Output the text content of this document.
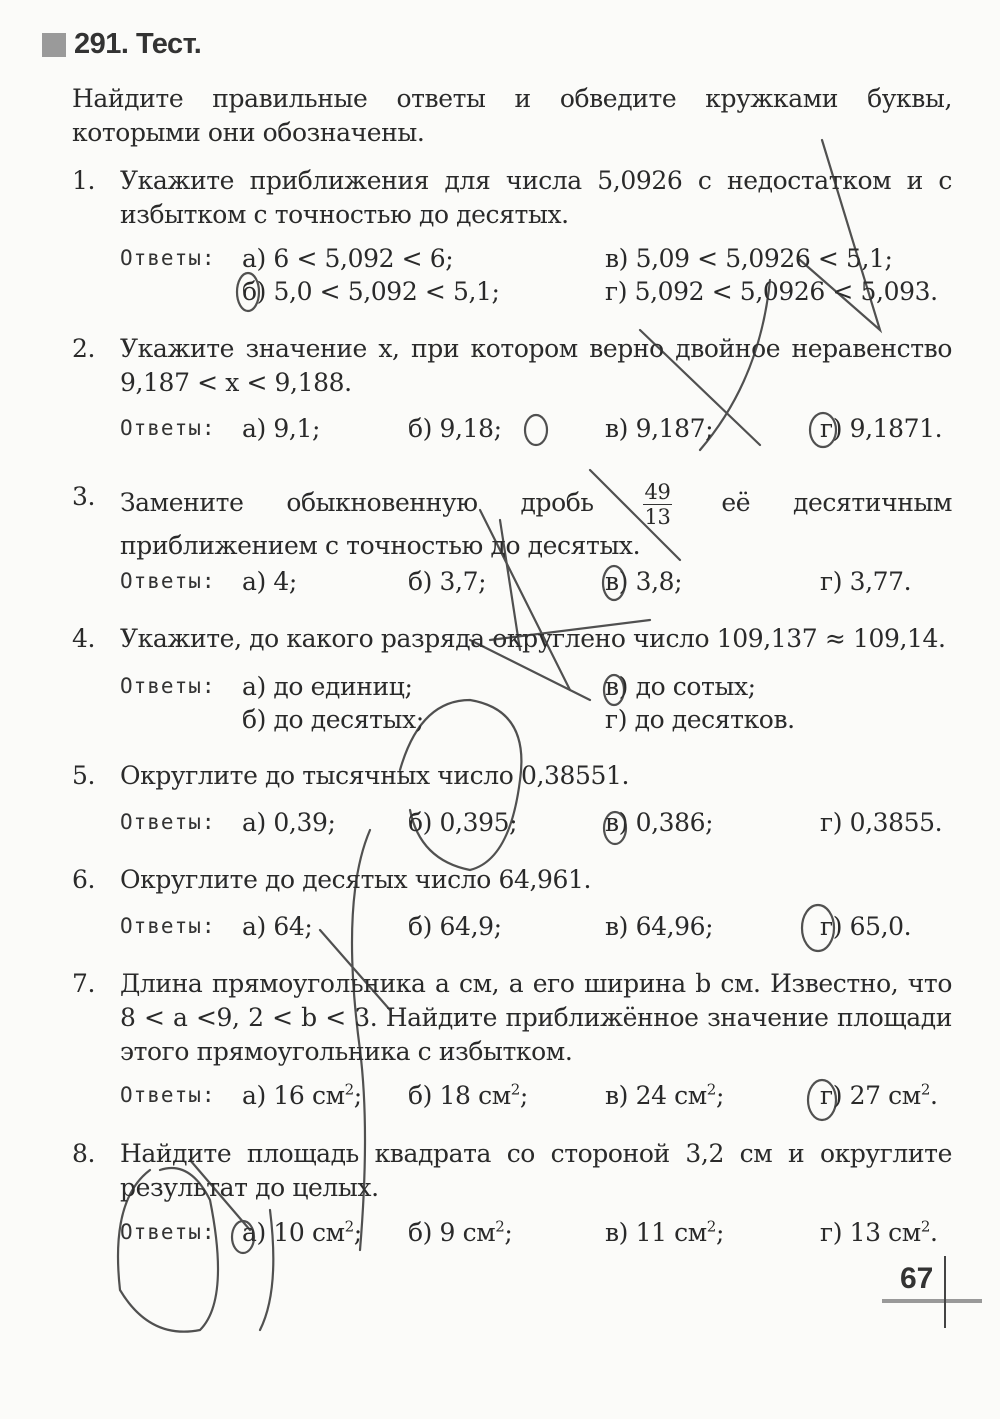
291. Тест.
Найдите правильные ответы и обведите кружками буквы, которыми они обозначены.
1. Укажите приближения для числа 5,0926 с недостатком и с избытком с точностью до десятых.
Ответы: а) 6 < 5,092 < 6;	в) 5,09 < 5,0926 < 5,1;
б) 5,0 < 5,092 < 5,1;	г) 5,092 < 5,0926 < 5,093.
2. Укажите значение x, при котором верно двойное неравенство 9,187 < x < 9,188.
Ответы: а) 9,1;	б) 9,18;	в) 9,187;	г) 9,1871.
3. Замените обыкновенную дробь $\frac{49}{13}$ её десятичным приближением с точностью до десятых.
Ответы: а) 4;	б) 3,7;	в) 3,8;	г) 3,77.
4. Укажите, до какого разряда округлено число 109,137 ≈ 109,14.
Ответы: а) до единиц;	в) до сотых;
б) до десятых;	г) до десятков.
5. Округлите до тысячных число 0,38551.
Ответы: а) 0,39;	б) 0,395;	в) 0,386;	г) 0,3855.
6. Округлите до десятых число 64,961.
Ответы: а) 64;	б) 64,9;	в) 64,96;	г) 65,0.
7. Длина прямоугольника a см, а его ширина b см. Известно, что 8 < a <9, 2 < b < 3. Найдите приближённое значение площади этого прямоугольника с избытком.
Ответы: а) 16 $см^2$; б) 18 $см^2$;	в) 24 $см^2$;	г) 27 $см^2$.
8. Найдите площадь квадрата со стороной 3,2 см и округлите результат до целых.
Ответы: а) 10 $см^2$; б) 9 $см^2$;	в) 11 $см^2$;	г) 13 $см^2$.
67
